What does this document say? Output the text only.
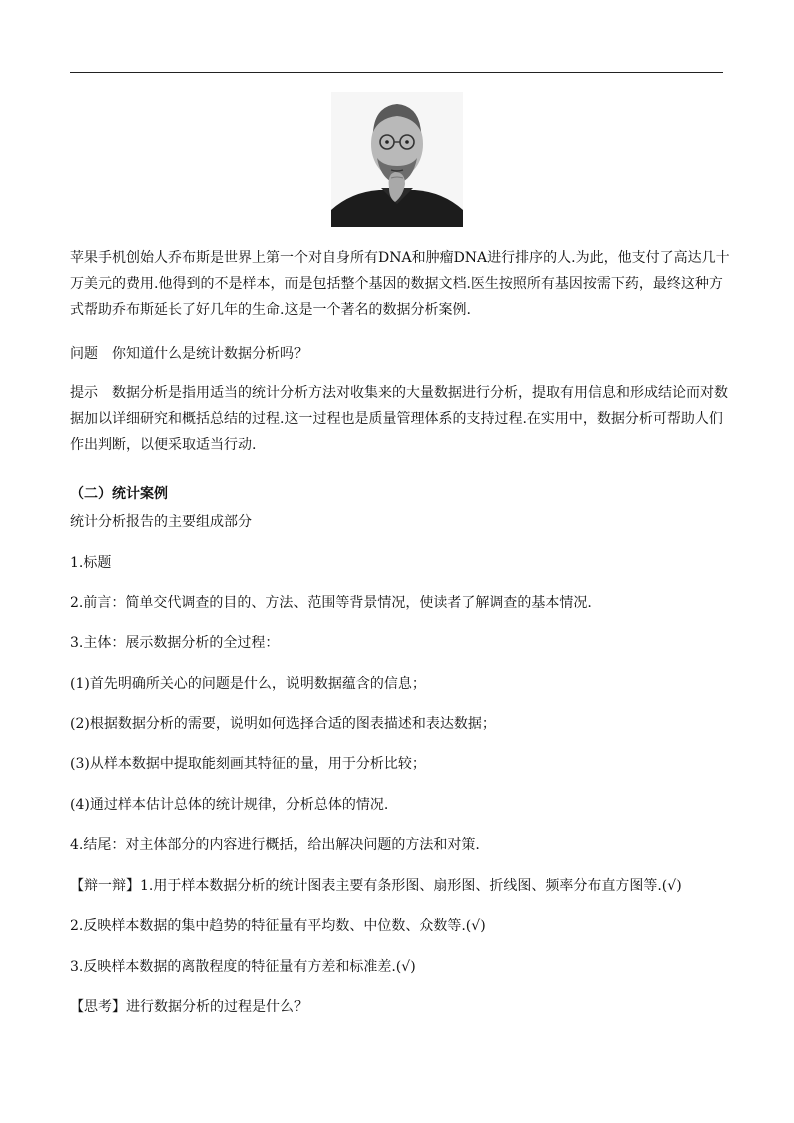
苹果手机创始人乔布斯是世界上第一个对自身所有DNA和肿瘤DNA进行排序的人.为此，他支付了高达几十万美元的费用.他得到的不是样本，而是包括整个基因的数据文档.医生按照所有基因按需下药，最终这种方式帮助乔布斯延长了好几年的生命.这是一个著名的数据分析案例.

问题 你知道什么是统计数据分析吗？

提示 数据分析是指用适当的统计分析方法对收集来的大量数据进行分析，提取有用信息和形成结论而对数据加以详细研究和概括总结的过程.这一过程也是质量管理体系的支持过程.在实用中，数据分析可帮助人们作出判断，以便采取适当行动.

（二）统计案例

统计分析报告的主要组成部分

1.标题

2.前言：简单交代调查的目的、方法、范围等背景情况，使读者了解调查的基本情况.

3.主体：展示数据分析的全过程：

(1)首先明确所关心的问题是什么，说明数据蕴含的信息；

(2)根据数据分析的需要，说明如何选择合适的图表描述和表达数据；

(3)从样本数据中提取能刻画其特征的量，用于分析比较；

(4)通过样本估计总体的统计规律，分析总体的情况.

4.结尾：对主体部分的内容进行概括，给出解决问题的方法和对策.

【辩一辩】1.用于样本数据分析的统计图表主要有条形图、扇形图、折线图、频率分布直方图等.(√)

2.反映样本数据的集中趋势的特征量有平均数、中位数、众数等.(√)

3.反映样本数据的离散程度的特征量有方差和标准差.(√)

【思考】进行数据分析的过程是什么？
